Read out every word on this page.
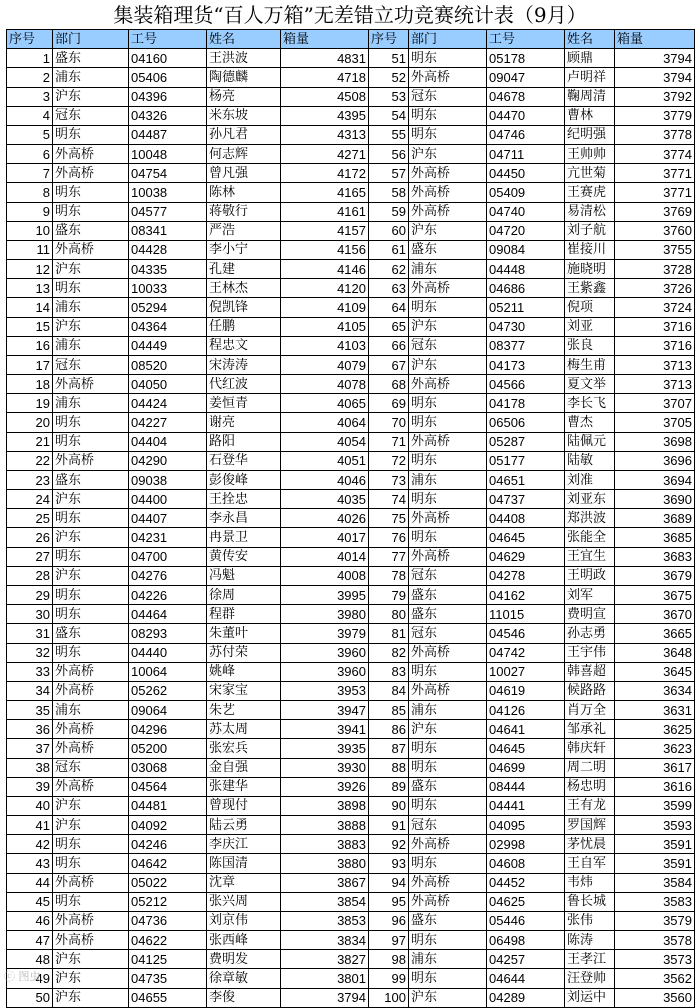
集装箱理货“百人万箱”无差错立功竞赛统计表（9月）
序号	部门	工号	姓名	箱量	序号	部门	工号	姓名	箱量
1	盛东	04160	王洪波	4831	51	明东	05178	顾鼎	3794
2	浦东	05406	陶德麟	4718	52	外高桥	09047	卢明祥	3794
3	沪东	04396	杨亮	4508	53	冠东	04678	鞠周清	3792
4	冠东	04326	米东坡	4395	54	明东	04470	曹林	3779
5	明东	04487	孙凡君	4313	55	明东	04746	纪明强	3778
6	外高桥	10048	何志辉	4271	56	沪东	04711	王帅帅	3774
7	外高桥	04754	曾凡强	4172	57	外高桥	04450	亢世菊	3771
8	明东	10038	陈林	4165	58	外高桥	05409	王赛虎	3771
9	明东	04577	蒋敬行	4161	59	外高桥	04740	易清松	3769
10	盛东	08341	严浩	4157	60	沪东	04720	刘子航	3760
11	外高桥	04428	李小宁	4156	61	盛东	09084	崔接川	3755
12	沪东	04335	孔建	4146	62	浦东	04448	施晓明	3728
13	明东	10033	王林杰	4120	63	外高桥	04686	王紫鑫	3726
14	浦东	05294	倪凯锋	4109	64	明东	05211	倪项	3724
15	沪东	04364	任鹏	4105	65	沪东	04730	刘亚	3716
16	浦东	04449	程忠文	4103	66	冠东	08377	张良	3716
17	冠东	08520	宋涛涛	4079	67	沪东	04173	梅生甫	3713
18	外高桥	04050	代红波	4078	68	外高桥	04566	夏文举	3713
19	浦东	04424	姜恒青	4065	69	明东	04178	李长飞	3707
20	明东	04227	谢亮	4064	70	明东	06506	曹杰	3705
21	明东	04404	路阳	4054	71	外高桥	05287	陆佩元	3698
22	外高桥	04290	石登华	4051	72	明东	05177	陆敏	3696
23	盛东	09038	彭俊峰	4046	73	浦东	04651	刘准	3694
24	沪东	04400	王拴忠	4035	74	明东	04737	刘亚东	3690
25	明东	04407	李永昌	4026	75	外高桥	04408	郑洪波	3689
26	沪东	04231	冉景卫	4017	76	明东	04645	张能全	3685
27	明东	04700	黄传安	4014	77	外高桥	04629	王宜生	3683
28	沪东	04276	冯魁	4008	78	冠东	04278	王明政	3679
29	明东	04226	徐周	3995	79	盛东	04162	刘军	3675
30	明东	04464	程群	3980	80	盛东	11015	费明宣	3670
31	盛东	08293	朱董叶	3979	81	冠东	04546	孙志勇	3665
32	明东	04440	苏付荣	3960	82	外高桥	04742	王宇伟	3648
33	外高桥	10064	姚峰	3960	83	明东	10027	韩喜超	3645
34	外高桥	05262	宋家宝	3953	84	外高桥	04619	候路路	3634
35	浦东	09064	朱艺	3947	85	浦东	04126	肖万全	3631
36	外高桥	04296	苏太周	3941	86	沪东	04641	邹承礼	3625
37	外高桥	05200	张宏兵	3935	87	明东	04645	韩庆轩	3623
38	冠东	03068	金自强	3930	88	明东	04699	周二明	3617
39	外高桥	04564	张建华	3926	89	盛东	08444	杨忠明	3616
40	沪东	04481	曾现付	3898	90	明东	04441	王有龙	3599
41	沪东	04092	陆云勇	3888	91	冠东	04095	罗国辉	3593
42	明东	04246	李庆江	3883	92	外高桥	02998	茅忧晨	3591
43	明东	04642	陈国清	3880	93	明东	04608	王自军	3591
44	外高桥	05022	沈章	3867	94	外高桥	04452	韦炜	3584
45	明东	05212	张兴周	3854	95	外高桥	04625	鲁长城	3583
46	外高桥	04736	刘京伟	3853	96	盛东	05446	张伟	3579
47	外高桥	04622	张西峰	3834	97	明东	06498	陈涛	3578
48	沪东	04125	费明发	3827	98	浦东	04257	王孝江	3573
49	沪东	04735	徐章敏	3801	99	明东	04644	汪登帅	3562
50	沪东	04655	李俊	3794	100	沪东	04289	刘运中	3560
ⓒ 图虫
